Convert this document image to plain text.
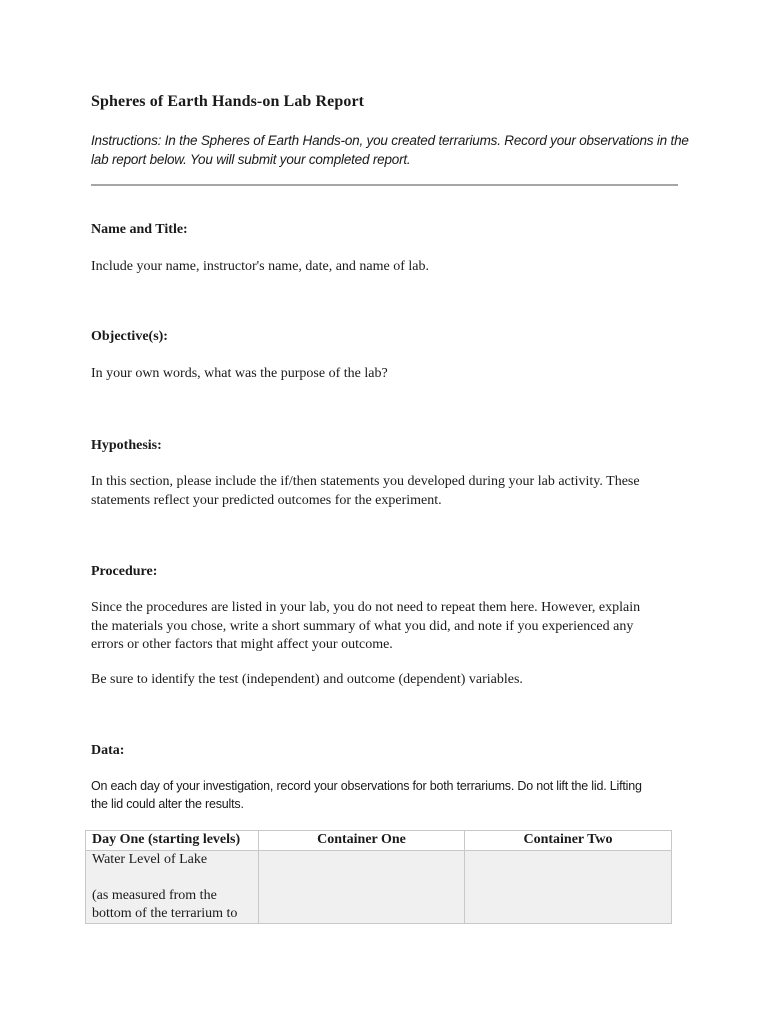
Spheres of Earth Hands-on Lab Report
Instructions: In the Spheres of Earth Hands-on, you created terrariums. Record your observations in the lab report below. You will submit your completed report.
Name and Title:
Include your name, instructor's name, date, and name of lab.
Objective(s):
In your own words, what was the purpose of the lab?
Hypothesis:
In this section, please include the if/then statements you developed during your lab activity. These statements reflect your predicted outcomes for the experiment.
Procedure:
Since the procedures are listed in your lab, you do not need to repeat them here. However, explain the materials you chose, write a short summary of what you did, and note if you experienced any errors or other factors that might affect your outcome.
Be sure to identify the test (independent) and outcome (dependent) variables.
Data:
On each day of your investigation, record your observations for both terrariums. Do not lift the lid. Lifting the lid could alter the results.
Day One (starting levels)	Container One	Container Two
Water Level of Lake

(as measured from the bottom of the terrarium to		
